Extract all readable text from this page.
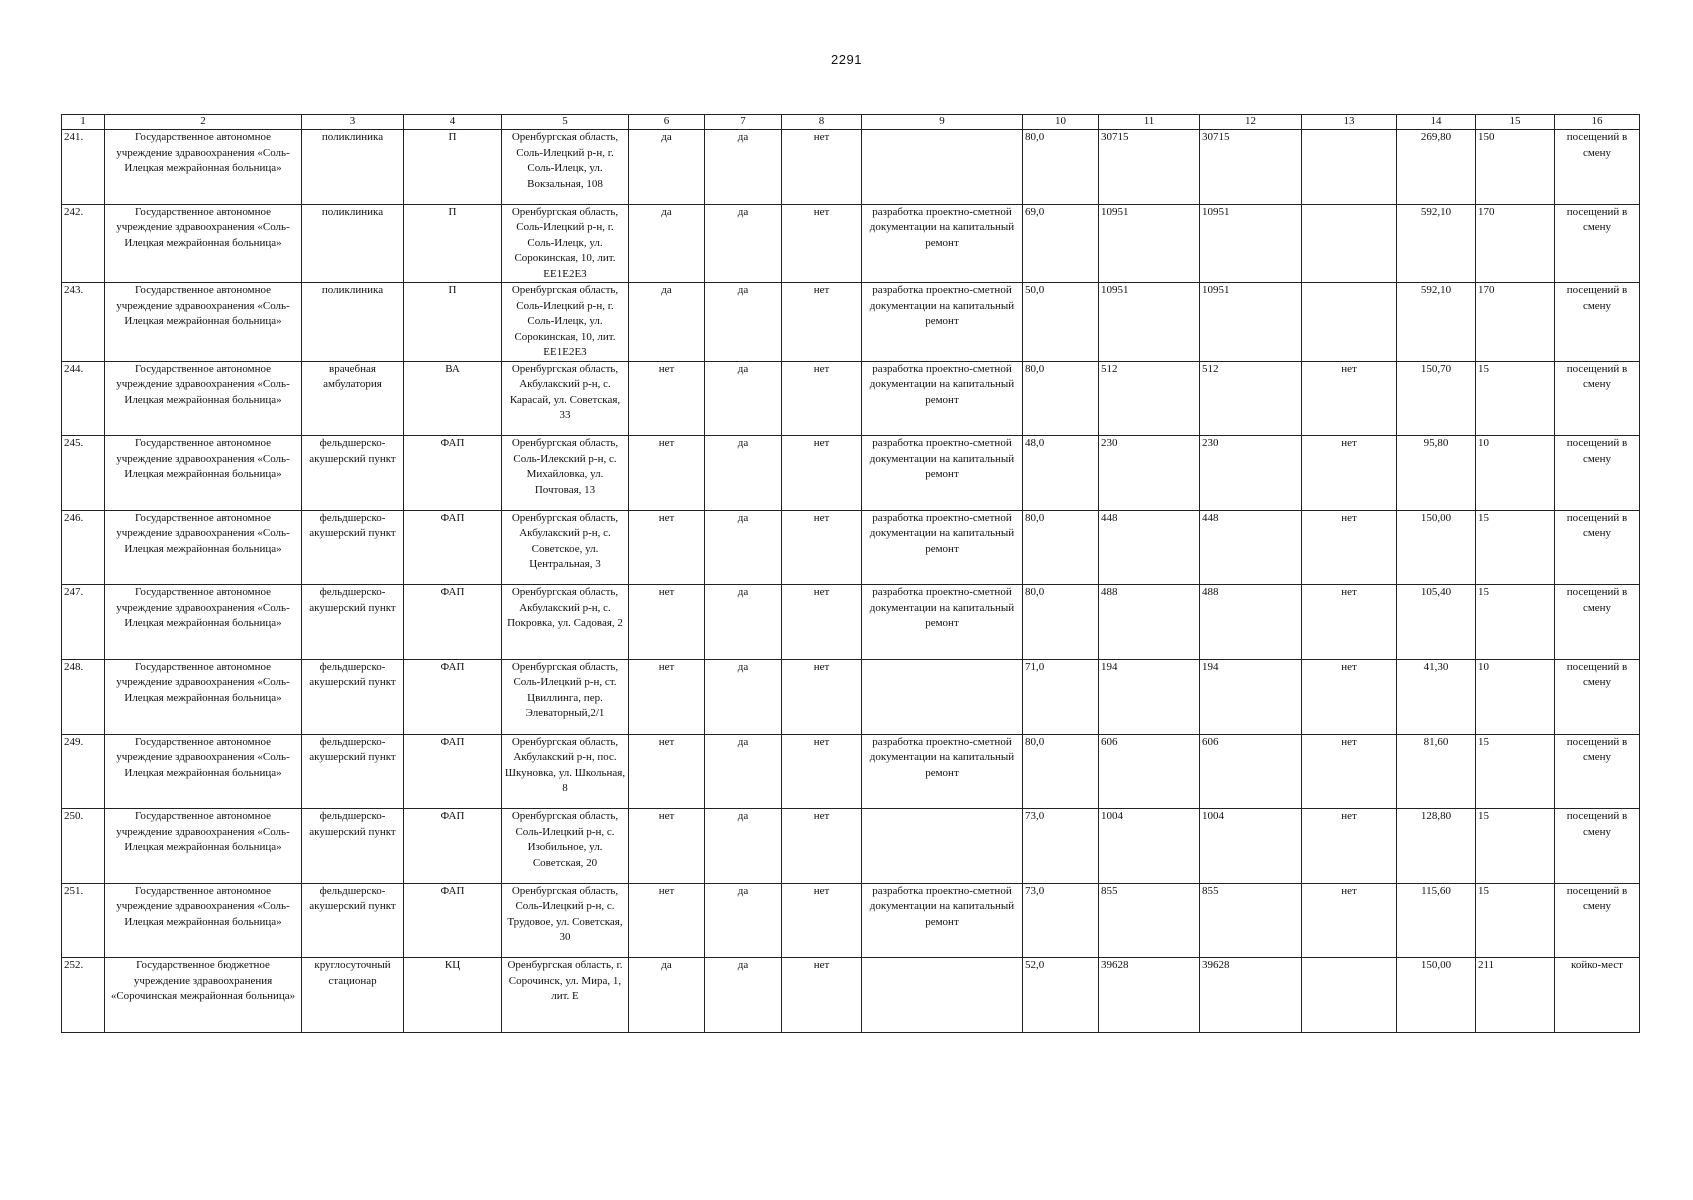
2291
1	2	3	4	5	6	7	8	9	10	11	12	13	14	15	16
241.	Государственное автономное учреждение здравоохранения «Соль-Илецкая межрайонная больница»	поликлиника	П	Оренбургская область, Соль-Илецкий р-н, г. Соль-Илецк, ул. Вокзальная, 108	да	да	нет		80,0	30715	30715		269,80	150	посещений в смену
242.	Государственное автономное учреждение здравоохранения «Соль-Илецкая межрайонная больница»	поликлиника	П	Оренбургская область, Соль-Илецкий р-н, г. Соль-Илецк, ул. Сорокинская, 10, лит. ЕЕ1Е2Е3	да	да	нет	разработка проектно-сметной документации на капитальный ремонт	69,0	10951	10951		592,10	170	посещений в смену
243.	Государственное автономное учреждение здравоохранения «Соль-Илецкая межрайонная больница»	поликлиника	П	Оренбургская область, Соль-Илецкий р-н, г. Соль-Илецк, ул. Сорокинская, 10, лит. ЕЕ1Е2Е3	да	да	нет	разработка проектно-сметной документации на капитальный ремонт	50,0	10951	10951		592,10	170	посещений в смену
244.	Государственное автономное учреждение здравоохранения «Соль-Илецкая межрайонная больница»	врачебная амбулатория	ВА	Оренбургская область, Акбулакский р-н, с. Карасай, ул. Советская, 33	нет	да	нет	разработка проектно-сметной документации на капитальный ремонт	80,0	512	512	нет	150,70	15	посещений в смену
245.	Государственное автономное учреждение здравоохранения «Соль-Илецкая межрайонная больница»	фельдшерско-акушерский пункт	ФАП	Оренбургская область, Соль-Илекский р-н, с. Михайловка, ул. Почтовая, 13	нет	да	нет	разработка проектно-сметной документации на капитальный ремонт	48,0	230	230	нет	95,80	10	посещений в смену
246.	Государственное автономное учреждение здравоохранения «Соль-Илецкая межрайонная больница»	фельдшерско-акушерский пункт	ФАП	Оренбургская область, Акбулакский р-н, с. Советское, ул. Центральная, 3	нет	да	нет	разработка проектно-сметной документации на капитальный ремонт	80,0	448	448	нет	150,00	15	посещений в смену
247.	Государственное автономное учреждение здравоохранения «Соль-Илецкая межрайонная больница»	фельдшерско-акушерский пункт	ФАП	Оренбургская область, Акбулакский р-н, с. Покровка, ул. Садовая, 2	нет	да	нет	разработка проектно-сметной документации на капитальный ремонт	80,0	488	488	нет	105,40	15	посещений в смену
248.	Государственное автономное учреждение здравоохранения «Соль-Илецкая межрайонная больница»	фельдшерско-акушерский пункт	ФАП	Оренбургская область, Соль-Илецкий р-н, ст. Цвиллинга, пер. Элеваторный,2/1	нет	да	нет		71,0	194	194	нет	41,30	10	посещений в смену
249.	Государственное автономное учреждение здравоохранения «Соль-Илецкая межрайонная больница»	фельдшерско-акушерский пункт	ФАП	Оренбургская область, Акбулакский р-н, пос. Шкуновка, ул. Школьная, 8	нет	да	нет	разработка проектно-сметной документации на капитальный ремонт	80,0	606	606	нет	81,60	15	посещений в смену
250.	Государственное автономное учреждение здравоохранения «Соль-Илецкая межрайонная больница»	фельдшерско-акушерский пункт	ФАП	Оренбургская область, Соль-Илецкий р-н, с. Изобильное, ул. Советская, 20	нет	да	нет		73,0	1004	1004	нет	128,80	15	посещений в смену
251.	Государственное автономное учреждение здравоохранения «Соль-Илецкая межрайонная больница»	фельдшерско-акушерский пункт	ФАП	Оренбургская область, Соль-Илецкий р-н, с. Трудовое, ул. Советская, 30	нет	да	нет	разработка проектно-сметной документации на капитальный ремонт	73,0	855	855	нет	115,60	15	посещений в смену
252.	Государственное бюджетное учреждение здравоохранения «Сорочинская межрайонная больница»	круглосуточный стационар	КЦ	Оренбургская область, г. Сорочинск, ул. Мира, 1, лит. Е	да	да	нет		52,0	39628	39628		150,00	211	койко-мест
